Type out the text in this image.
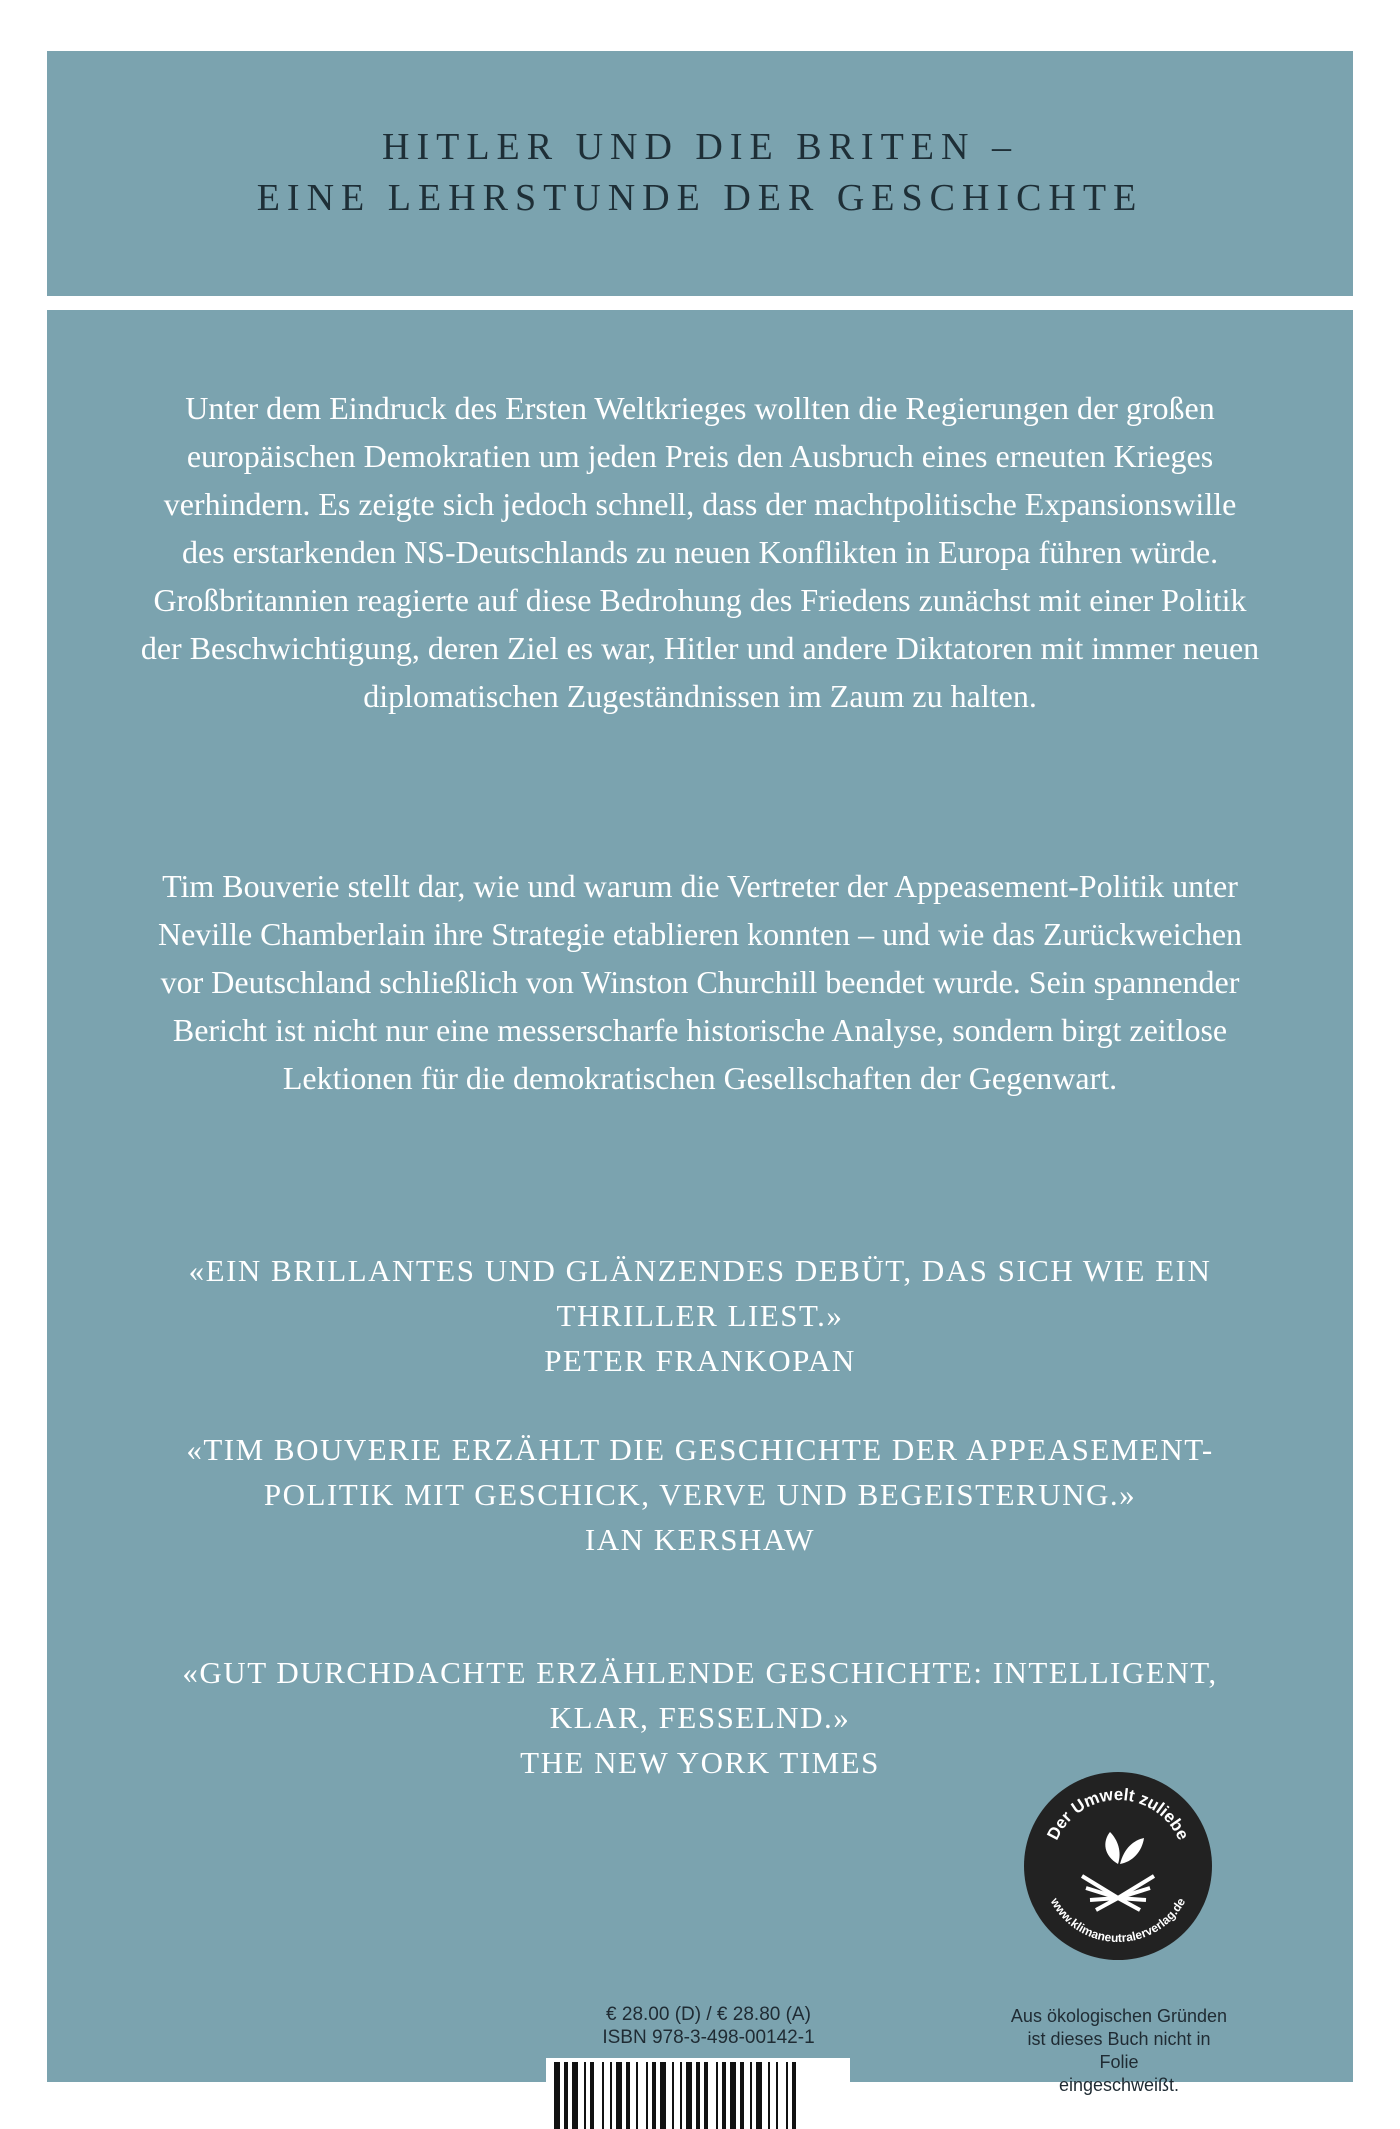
HITLER UND DIE BRITEN –
EINE LEHRSTUNDE DER GESCHICHTE

Unter dem Eindruck des Ersten Weltkrieges wollten die Regierungen der großen europäischen Demokratien um jeden Preis den Ausbruch eines erneuten Krieges verhindern. Es zeigte sich jedoch schnell, dass der machtpolitische Expansionswille des erstarkenden NS-Deutschlands zu neuen Konflikten in Europa führen würde. Großbritannien reagierte auf diese Bedrohung des Friedens zunächst mit einer Politik der Beschwichtigung, deren Ziel es war, Hitler und andere Diktatoren mit immer neuen diplomatischen Zugeständnissen im Zaum zu halten.

Tim Bouverie stellt dar, wie und warum die Vertreter der Appeasement-Politik unter Neville Chamberlain ihre Strategie etablieren konnten – und wie das Zurückweichen vor Deutschland schließlich von Winston Churchill beendet wurde. Sein spannender Bericht ist nicht nur eine messerscharfe historische Analyse, sondern birgt zeitlose Lektionen für die demokratischen Gesellschaften der Gegenwart.

«EIN BRILLANTES UND GLÄNZENDES DEBÜT, DAS SICH WIE EIN THRILLER LIEST.»
PETER FRANKOPAN

«TIM BOUVERIE ERZÄHLT DIE GESCHICHTE DER APPEASEMENT-POLITIK MIT GESCHICK, VERVE UND BEGEISTERUNG.»
IAN KERSHAW

«GUT DURCHDACHTE ERZÄHLENDE GESCHICHTE: INTELLIGENT, KLAR, FESSELND.»
THE NEW YORK TIMES

Der Umwelt zuliebe
www.klimaneutralerverlag.de
€ 28.00 (D) / € 28.80 (A)
ISBN 978-3-498-00142-1
Aus ökologischen Gründen
ist dieses Buch nicht in Folie
eingeschweißt.
